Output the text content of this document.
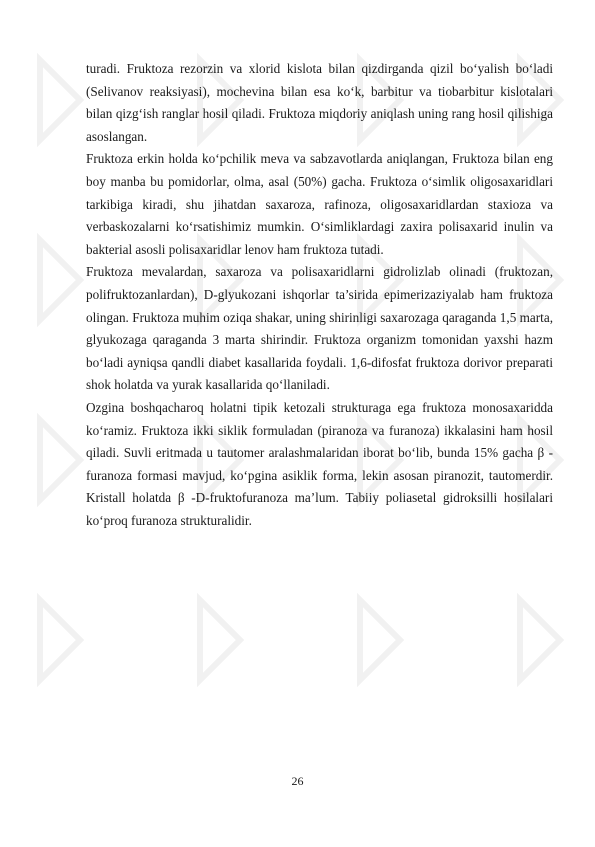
turadi. Fruktoza rezorzin va xlorid kislota bilan qizdirganda qizil bo‘yalish bo‘ladi (Selivanov reaksiyasi), mochevina bilan esa ko‘k, barbitur va tiobarbitur kislotalari bilan qizg‘ish ranglar hosil qiladi. Fruktoza miqdoriy aniqlash uning rang hosil qilishiga asoslangan.

Fruktoza erkin holda ko‘pchilik meva va sabzavotlarda aniqlangan, Fruktoza bilan eng boy manba bu pomidorlar, olma, asal (50%) gacha. Fruktoza o‘simlik oligosaxaridlari tarkibiga kiradi, shu jihatdan saxaroza, rafinoza, oligosaxaridlardan staxioza va verbaskozalarni ko‘rsatishimiz mumkin. O‘simliklardagi zaxira polisaxarid inulin va bakterial asosli polisaxaridlar lenov ham fruktoza tutadi.

Fruktoza mevalardan, saxaroza va polisaxaridlarni gidrolizlab olinadi (fruktozan, polifruktozanlardan), D-glyukozani ishqorlar ta’sirida epimerizaziyalab ham fruktoza olingan. Fruktoza muhim oziqa shakar, uning shirinligi saxarozaga qaraganda 1,5 marta, glyukozaga qaraganda 3 marta shirindir. Fruktoza organizm tomonidan yaxshi hazm bo‘ladi ayniqsa qandli diabet kasallarida foydali. 1,6-difosfat fruktoza dorivor preparati shok holatda va yurak kasallarida qo‘llaniladi.

Ozgina boshqacharoq holatni tipik ketozali strukturaga ega fruktoza monosaxaridda ko‘ramiz. Fruktoza ikki siklik formuladan (piranoza va furanoza) ikkalasini ham hosil qiladi. Suvli eritmada u tautomer aralashmalaridan iborat bo‘lib, bunda 15% gacha β -furanoza formasi mavjud, ko‘pgina asiklik forma, lekin asosan piranozit, tautomerdir. Kristall holatda β -D-fruktofuranoza ma’lum. Tabiiy poliasetal gidroksilli hosilalari ko‘proq furanoza strukturalidir.

26
